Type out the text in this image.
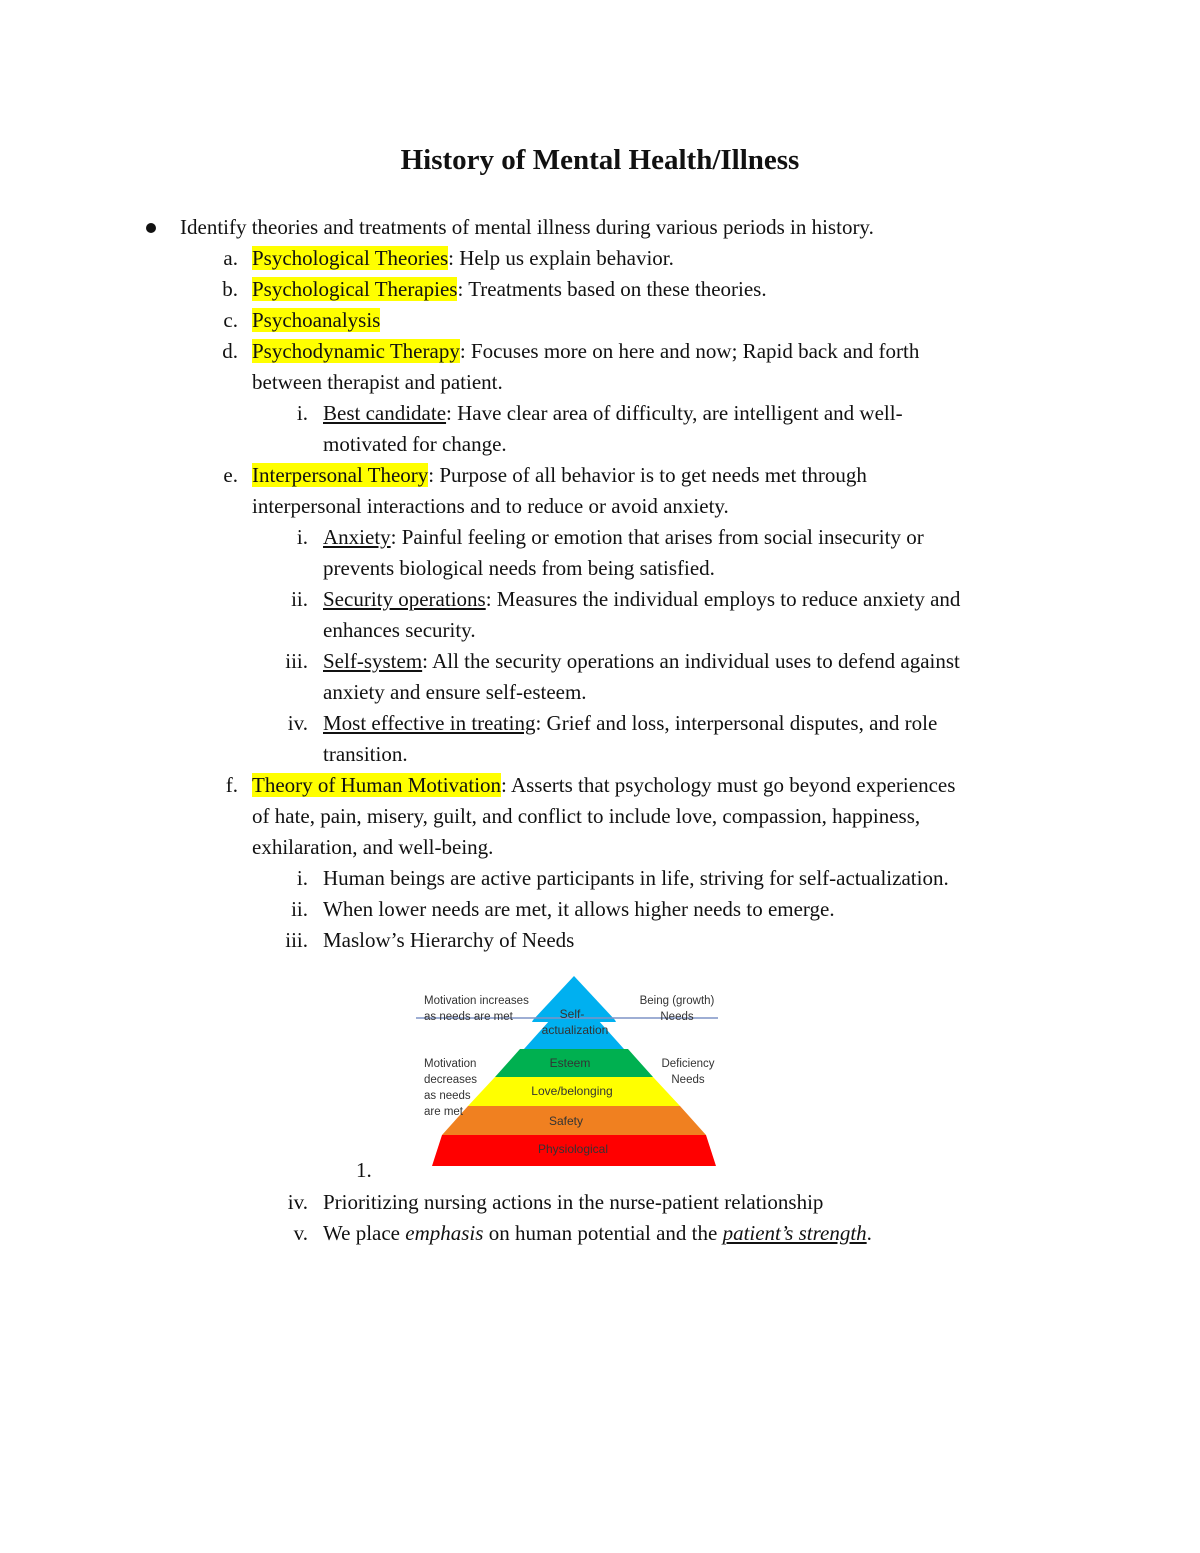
History of Mental Health/Illness
Identify theories and treatments of mental illness during various periods in history.
a. Psychological Theories: Help us explain behavior.
b. Psychological Therapies: Treatments based on these theories.
c. Psychoanalysis
d. Psychodynamic Therapy: Focuses more on here and now; Rapid back and forth
between therapist and patient.
i. Best candidate: Have clear area of difficulty, are intelligent and well-
motivated for change.
e. Interpersonal Theory: Purpose of all behavior is to get needs met through
interpersonal interactions and to reduce or avoid anxiety.
i. Anxiety: Painful feeling or emotion that arises from social insecurity or
prevents biological needs from being satisfied.
ii. Security operations: Measures the individual employs to reduce anxiety and
enhances security.
iii. Self-system: All the security operations an individual uses to defend against
anxiety and ensure self-esteem.
iv. Most effective in treating: Grief and loss, interpersonal disputes, and role
transition.
f. Theory of Human Motivation: Asserts that psychology must go beyond experiences
of hate, pain, misery, guilt, and conflict to include love, compassion, happiness,
exhilaration, and well-being.
i. Human beings are active participants in life, striving for self-actualization.
ii. When lower needs are met, it allows higher needs to emerge.
iii. Maslow’s Hierarchy of Needs
Self-
actualization
Esteem
Love/belonging
Safety
Physiological
Motivation increases
as needs are met
Being (growth)
Needs
Motivation
decreases
as needs
are met
Deficiency
Needs
1.
iv. Prioritizing nursing actions in the nurse-patient relationship
v. We place emphasis on human potential and the patient’s strength.
